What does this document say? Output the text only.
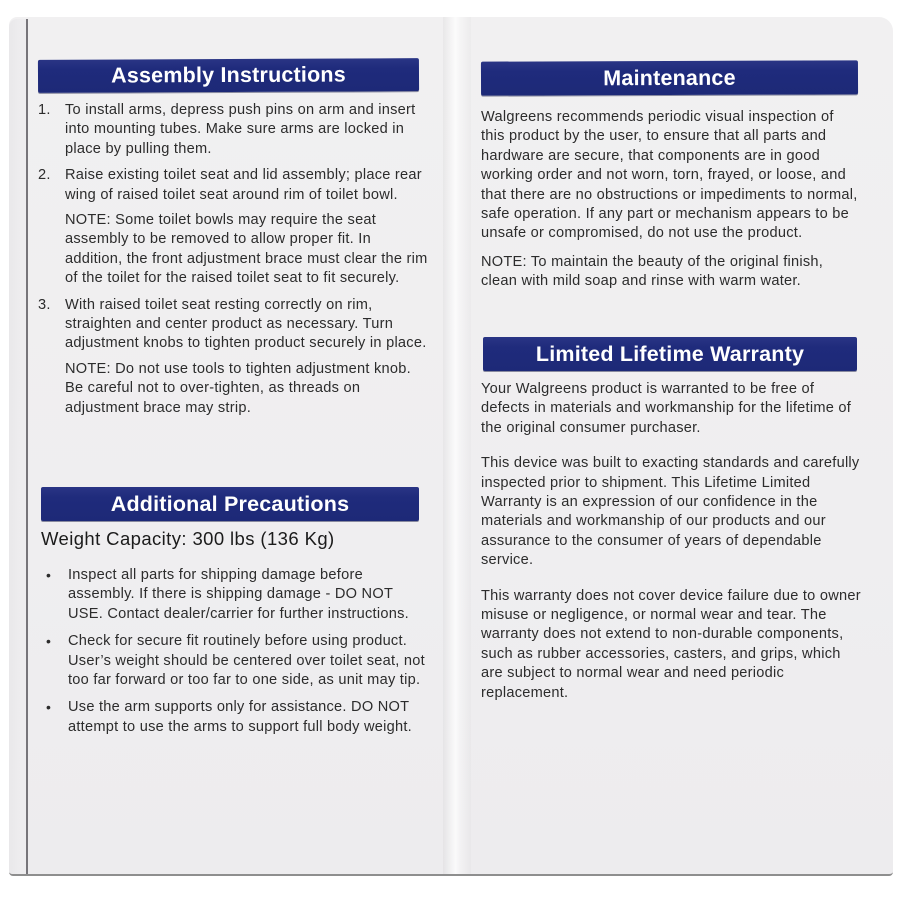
Assembly Instructions
1. To install arms, depress push pins on arm and insert into mounting tubes. Make sure arms are locked in place by pulling them.
2. Raise existing toilet seat and lid assembly; place rear wing of raised toilet seat around rim of toilet bowl.
NOTE: Some toilet bowls may require the seat assembly to be removed to allow proper fit. In addition, the front adjustment brace must clear the rim of the toilet for the raised toilet seat to fit securely.
3. With raised toilet seat resting correctly on rim, straighten and center product as necessary. Turn adjustment knobs to tighten product securely in place.
NOTE: Do not use tools to tighten adjustment knob. Be careful not to over-tighten, as threads on adjustment brace may strip.
Additional Precautions
Weight Capacity: 300 lbs (136 Kg)
•	Inspect all parts for shipping damage before assembly. If there is shipping damage - DO NOT USE. Contact dealer/carrier for further instructions.
•	Check for secure fit routinely before using product. User’s weight should be centered over toilet seat, not too far forward or too far to one side, as unit may tip.
•	Use the arm supports only for assistance. DO NOT attempt to use the arms to support full body weight.
Maintenance
Walgreens recommends periodic visual inspection of this product by the user, to ensure that all parts and hardware are secure, that components are in good working order and not worn, torn, frayed, or loose, and that there are no obstructions or impediments to normal, safe operation. If any part or mechanism appears to be unsafe or compromised, do not use the product.
NOTE: To maintain the beauty of the original finish, clean with mild soap and rinse with warm water.
Limited Lifetime Warranty

Your Walgreens product is warranted to be free of defects in materials and workmanship for the lifetime of the original consumer purchaser.

This device was built to exacting standards and carefully inspected prior to shipment. This Lifetime Limited Warranty is an expression of our confidence in the materials and workmanship of our products and our assurance to the consumer of years of dependable service.

This warranty does not cover device failure due to owner misuse or negligence, or normal wear and tear. The warranty does not extend to non-durable components, such as rubber accessories, casters, and grips, which are subject to normal wear and need periodic replacement.
